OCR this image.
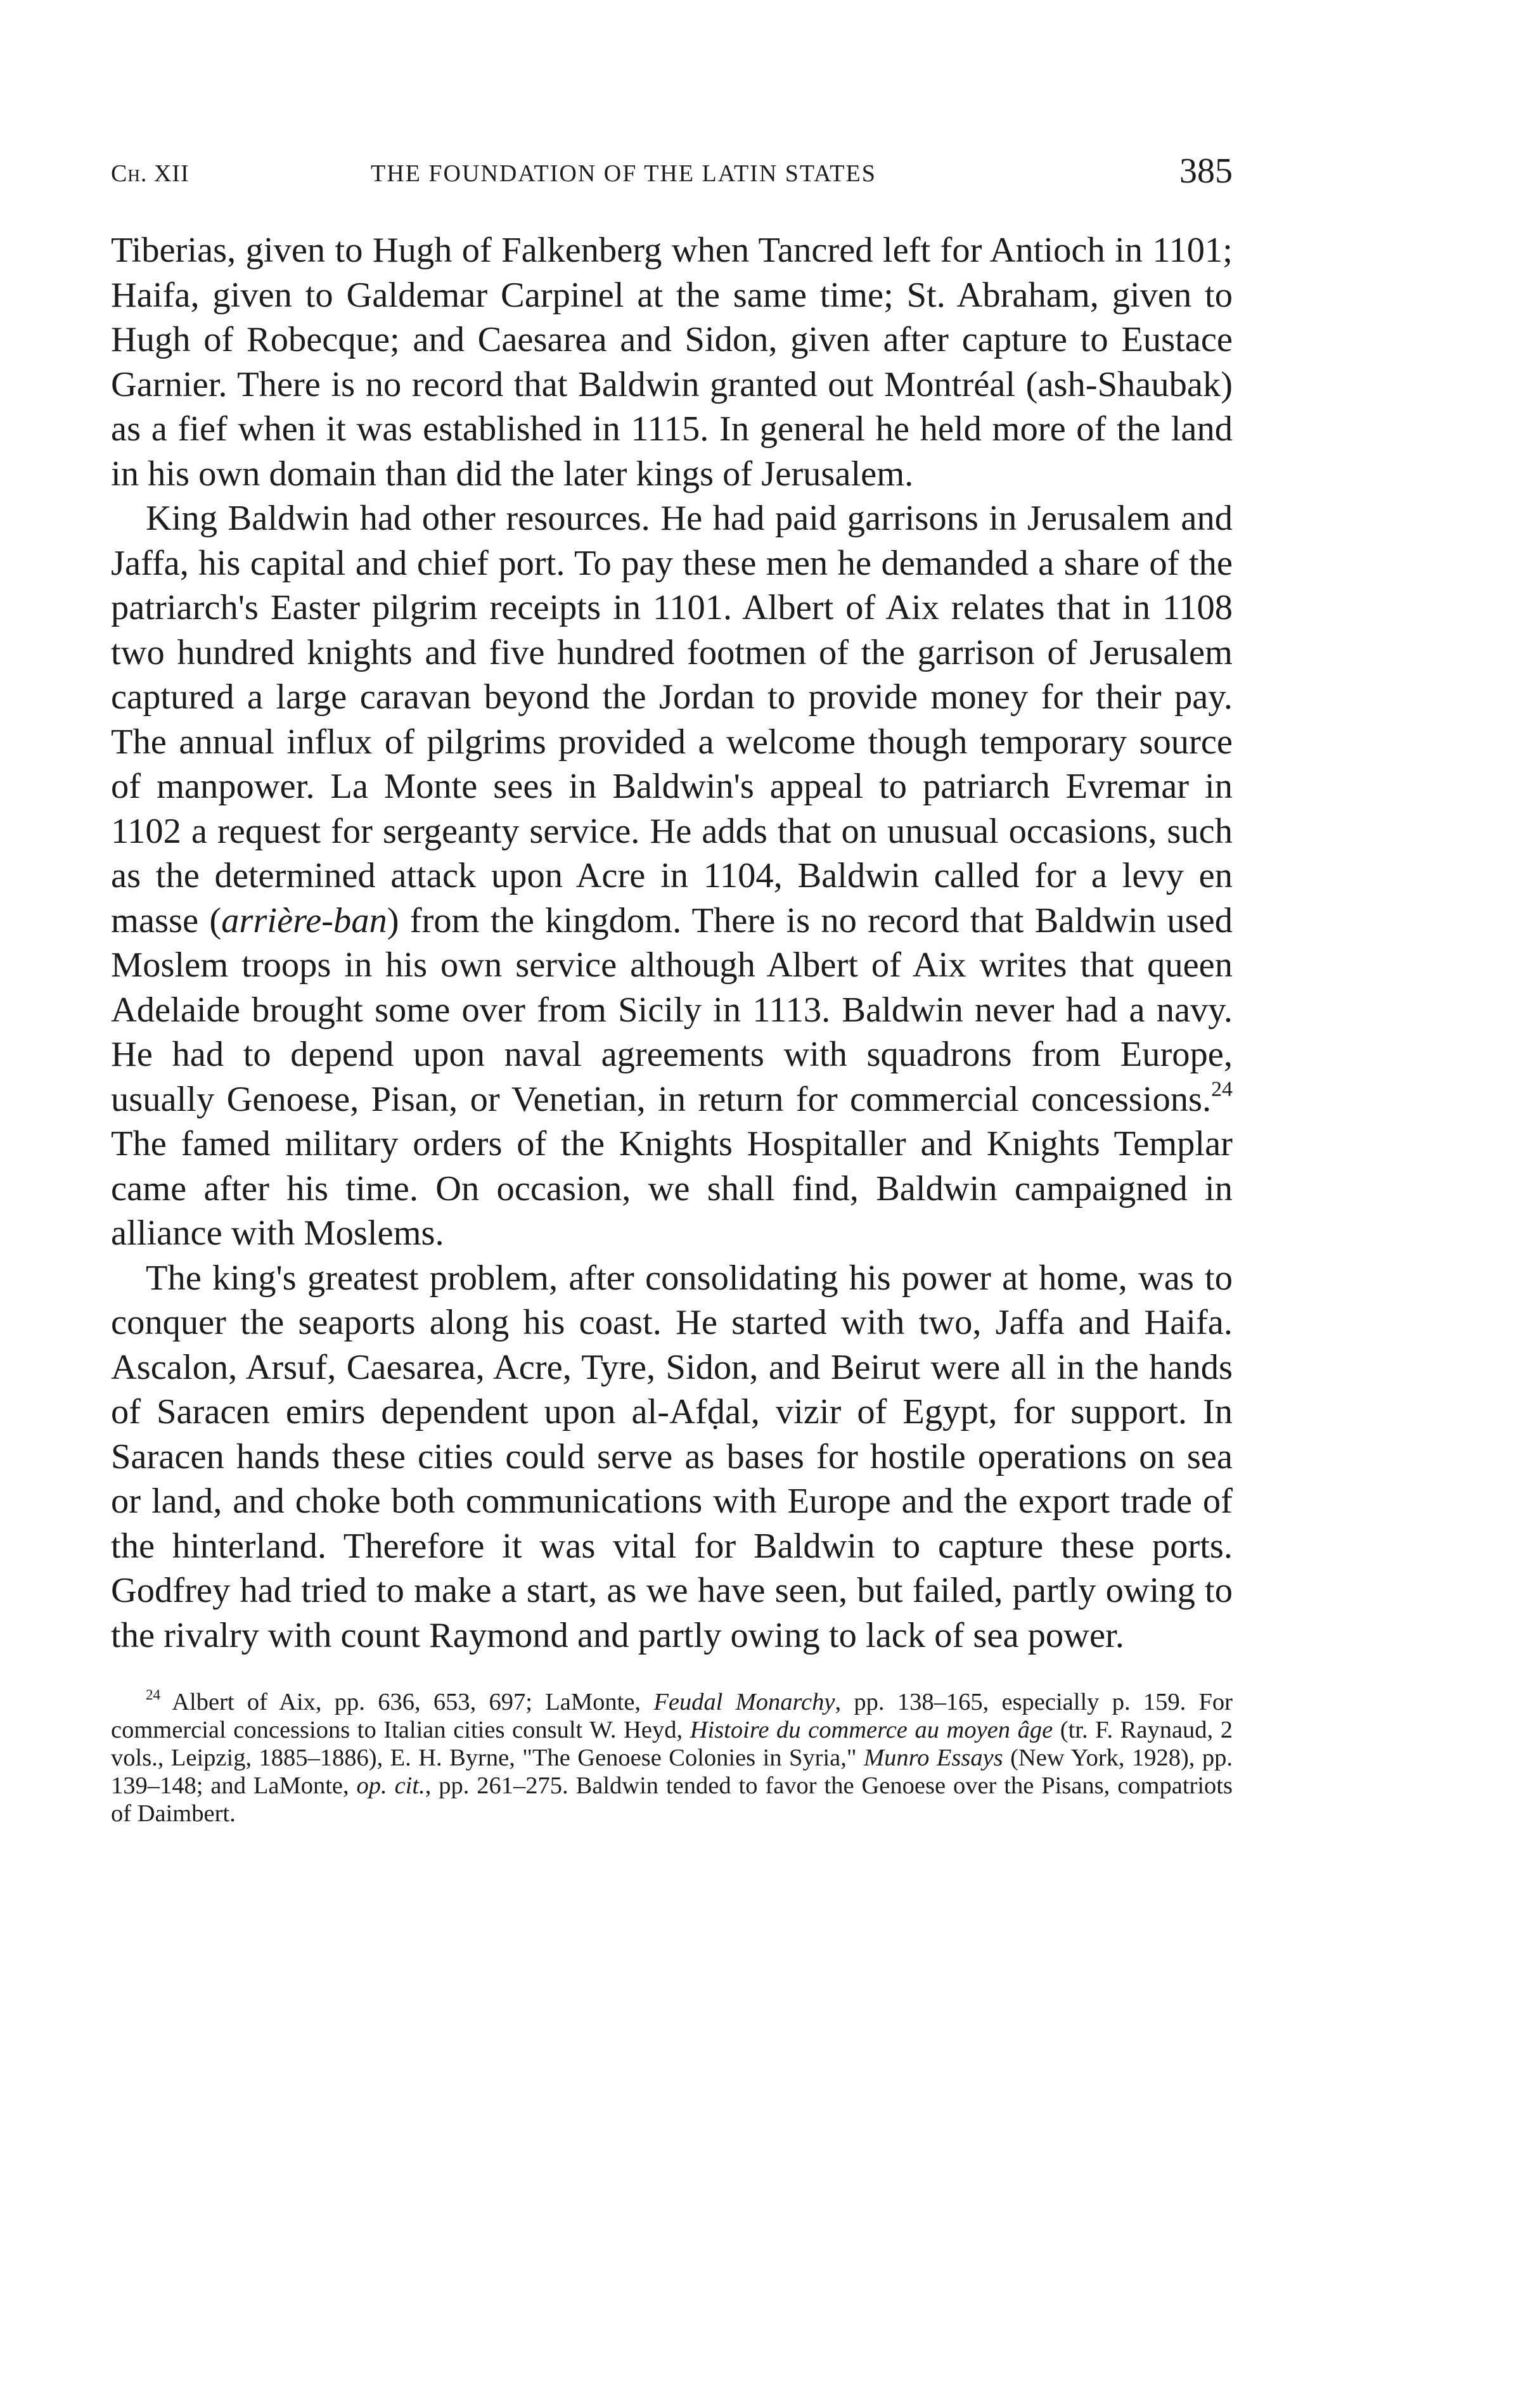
Ch. XII	THE FOUNDATION OF THE LATIN STATES	385

Tiberias, given to Hugh of Falkenberg when Tancred left for Antioch in 1101; Haifa, given to Galdemar Carpinel at the same time; St. Abraham, given to Hugh of Robecque; and Caesarea and Sidon, given after capture to Eustace Garnier. There is no record that Baldwin granted out Montréal (ash-Shaubak) as a fief when it was established in 1115. In general he held more of the land in his own domain than did the later kings of Jerusalem.

King Baldwin had other resources. He had paid garrisons in Jerusalem and Jaffa, his capital and chief port. To pay these men he demanded a share of the patriarch's Easter pilgrim receipts in 1101. Albert of Aix relates that in 1108 two hundred knights and five hundred footmen of the garrison of Jerusalem captured a large caravan beyond the Jordan to provide money for their pay. The annual influx of pilgrims provided a welcome though temporary source of manpower. La Monte sees in Baldwin's appeal to patriarch Evremar in 1102 a request for sergeanty service. He adds that on unusual occasions, such as the determined attack upon Acre in 1104, Baldwin called for a levy en masse (arrière-ban) from the kingdom. There is no record that Baldwin used Moslem troops in his own service although Albert of Aix writes that queen Adelaide brought some over from Sicily in 1113. Baldwin never had a navy. He had to depend upon naval agreements with squadrons from Europe, usually Genoese, Pisan, or Venetian, in return for commercial concessions.$^{24}$ The famed military orders of the Knights Hospitaller and Knights Templar came after his time. On occasion, we shall find, Baldwin campaigned in alliance with Moslems.

The king's greatest problem, after consolidating his power at home, was to conquer the seaports along his coast. He started with two, Jaffa and Haifa. Ascalon, Arsuf, Caesarea, Acre, Tyre, Sidon, and Beirut were all in the hands of Saracen emirs dependent upon al-Afḍal, vizir of Egypt, for support. In Saracen hands these cities could serve as bases for hostile operations on sea or land, and choke both communications with Europe and the export trade of the hinterland. Therefore it was vital for Baldwin to capture these ports. Godfrey had tried to make a start, as we have seen, but failed, partly owing to the rivalry with count Raymond and partly owing to lack of sea power.

$^{24}$ Albert of Aix, pp. 636, 653, 697; LaMonte, Feudal Monarchy, pp. 138–165, especially p. 159. For commercial concessions to Italian cities consult W. Heyd, Histoire du commerce au moyen âge (tr. F. Raynaud, 2 vols., Leipzig, 1885–1886), E. H. Byrne, "The Genoese Colonies in Syria," Munro Essays (New York, 1928), pp. 139–148; and LaMonte, op. cit., pp. 261–275. Baldwin tended to favor the Genoese over the Pisans, compatriots of Daimbert.
